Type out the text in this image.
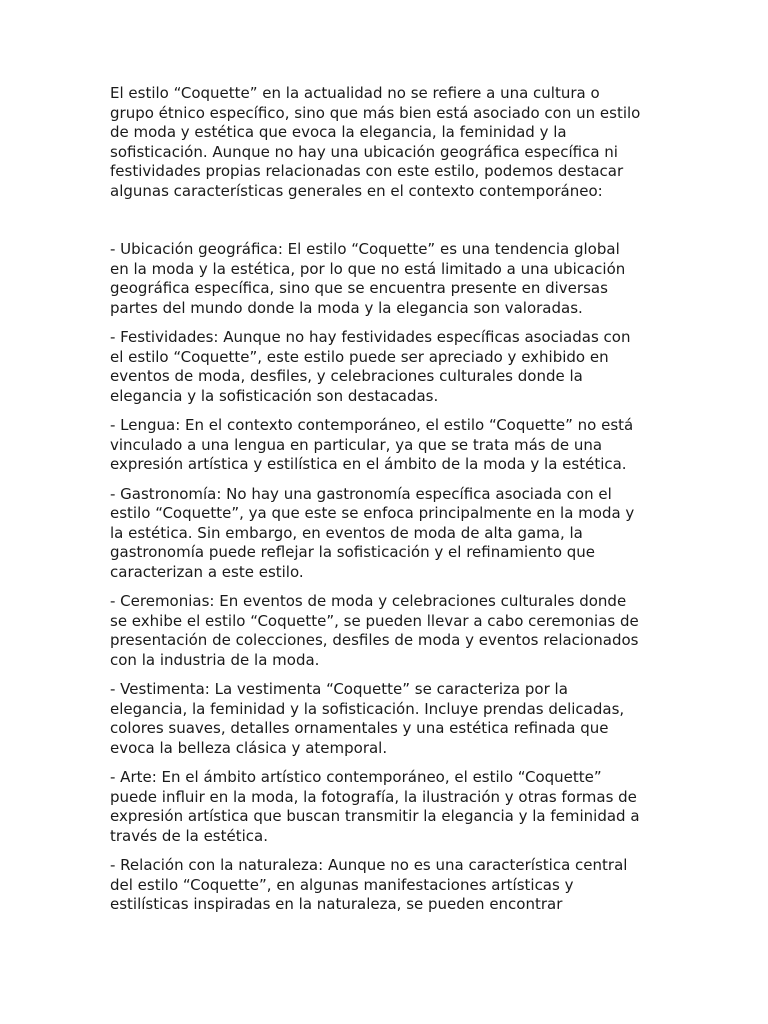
El estilo “Coquette” en la actualidad no se refiere a una cultura o
grupo étnico específico, sino que más bien está asociado con un estilo
de moda y estética que evoca la elegancia, la feminidad y la
sofisticación. Aunque no hay una ubicación geográfica específica ni
festividades propias relacionadas con este estilo, podemos destacar
algunas características generales en el contexto contemporáneo:

- Ubicación geográfica: El estilo “Coquette” es una tendencia global
en la moda y la estética, por lo que no está limitado a una ubicación
geográfica específica, sino que se encuentra presente en diversas
partes del mundo donde la moda y la elegancia son valoradas.

- Festividades: Aunque no hay festividades específicas asociadas con
el estilo “Coquette”, este estilo puede ser apreciado y exhibido en
eventos de moda, desfiles, y celebraciones culturales donde la
elegancia y la sofisticación son destacadas.

- Lengua: En el contexto contemporáneo, el estilo “Coquette” no está
vinculado a una lengua en particular, ya que se trata más de una
expresión artística y estilística en el ámbito de la moda y la estética.

- Gastronomía: No hay una gastronomía específica asociada con el
estilo “Coquette”, ya que este se enfoca principalmente en la moda y
la estética. Sin embargo, en eventos de moda de alta gama, la
gastronomía puede reflejar la sofisticación y el refinamiento que
caracterizan a este estilo.

- Ceremonias: En eventos de moda y celebraciones culturales donde
se exhibe el estilo “Coquette”, se pueden llevar a cabo ceremonias de
presentación de colecciones, desfiles de moda y eventos relacionados
con la industria de la moda.

- Vestimenta: La vestimenta “Coquette” se caracteriza por la
elegancia, la feminidad y la sofisticación. Incluye prendas delicadas,
colores suaves, detalles ornamentales y una estética refinada que
evoca la belleza clásica y atemporal.

- Arte: En el ámbito artístico contemporáneo, el estilo “Coquette”
puede influir en la moda, la fotografía, la ilustración y otras formas de
expresión artística que buscan transmitir la elegancia y la feminidad a
través de la estética.

- Relación con la naturaleza: Aunque no es una característica central
del estilo “Coquette”, en algunas manifestaciones artísticas y
estilísticas inspiradas en la naturaleza, se pueden encontrar
